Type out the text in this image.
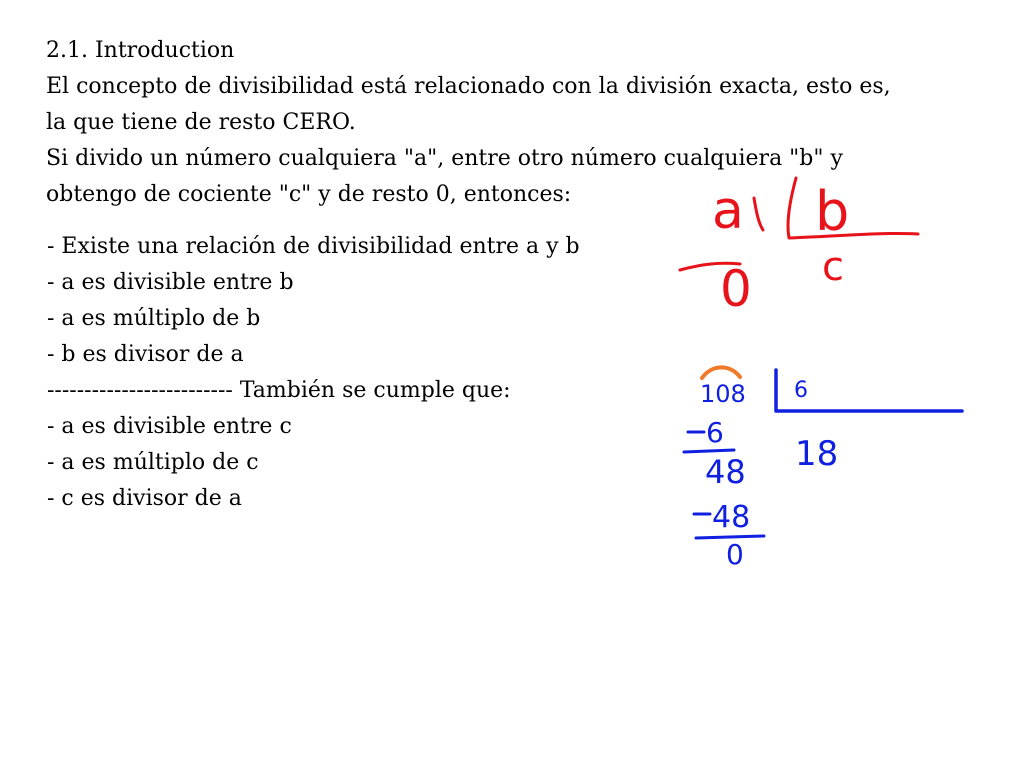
2.1. Introduction

El concepto de divisibilidad está relacionado con la división exacta, esto es,

la que tiene de resto CERO.

Si divido un número cualquiera "a", entre otro número cualquiera "b" y

obtengo de cociente "c" y de resto 0, entonces:

- Existe una relación de divisibilidad entre a y b

- a es divisible entre b

- a es múltiplo de b

- b es divisor de a

------------------------- También se cumple que:

- a es divisible entre c

- a es múltiplo de c

- c es divisor de a

a b
c
0
108 6
18
6
48
48
0
